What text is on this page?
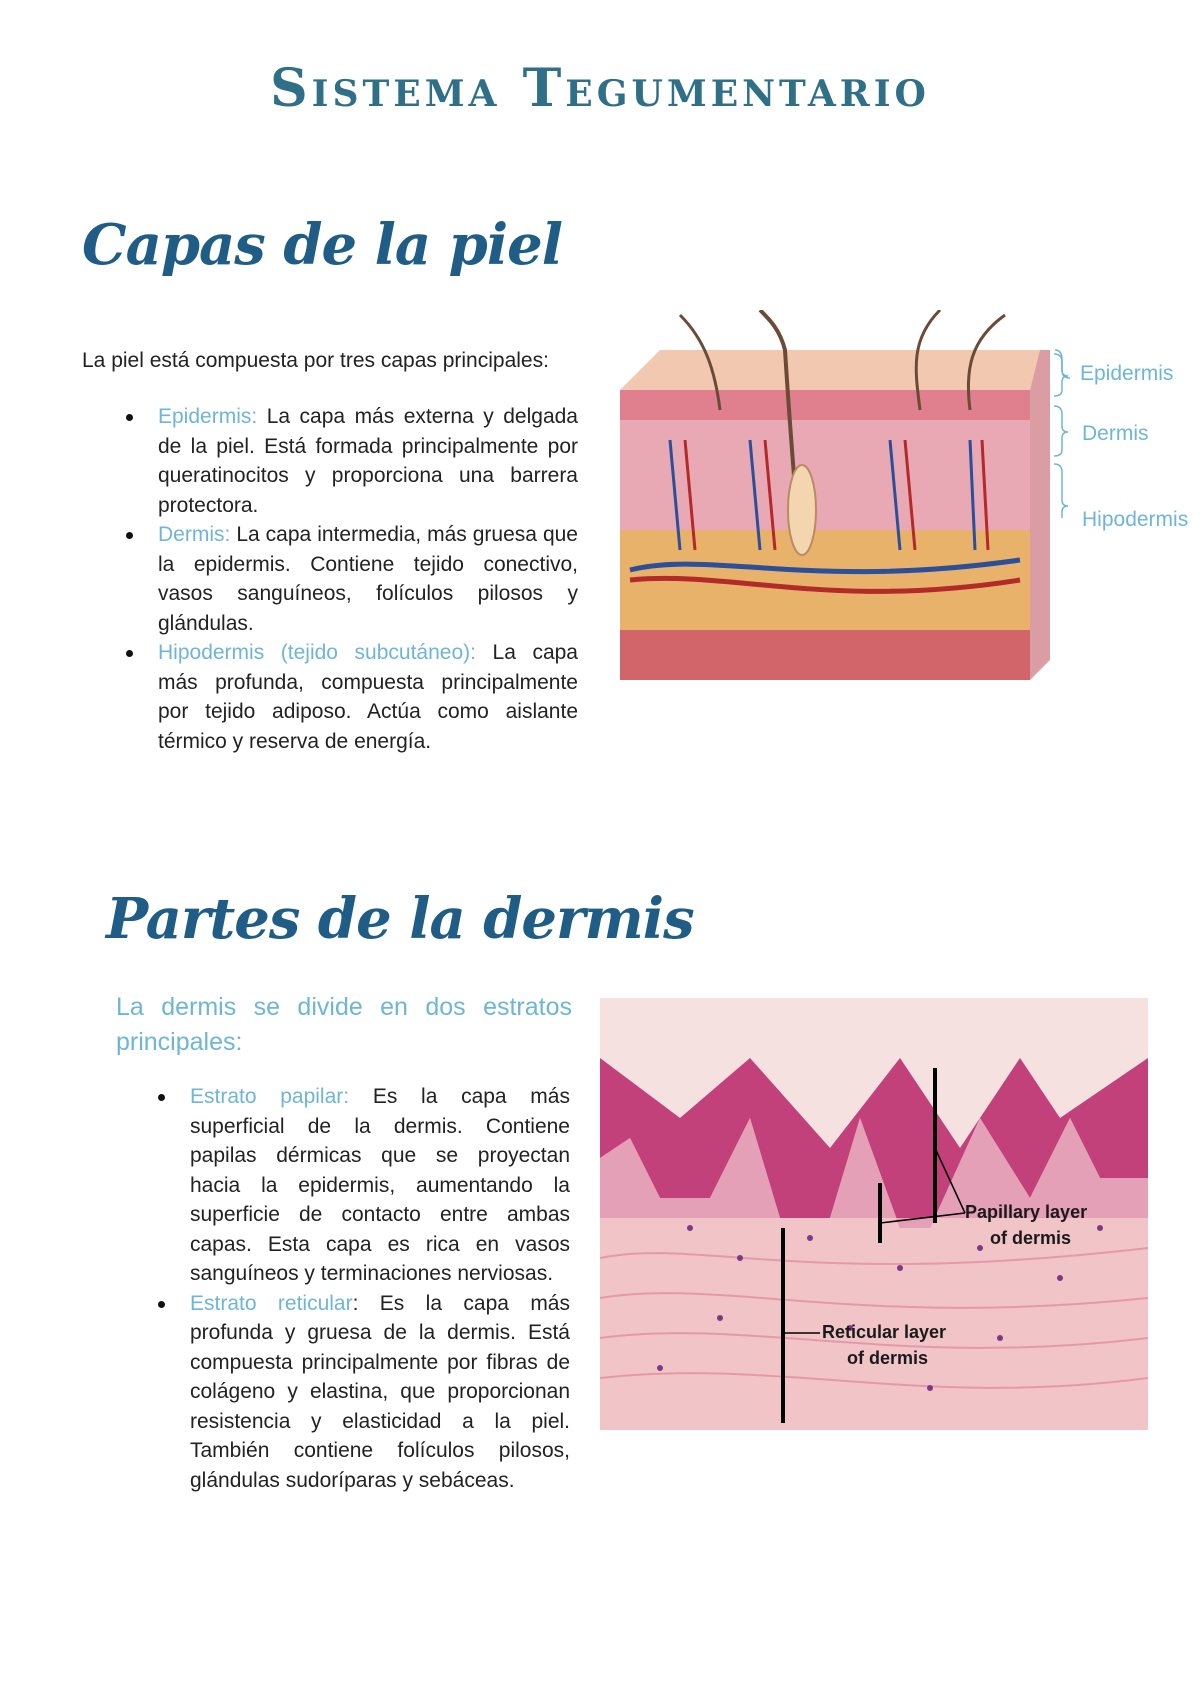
Sistema Tegumentario
Capas de la piel
La piel está compuesta por tres capas principales:
Epidermis: La capa más externa y delgada de la piel. Está formada principalmente por queratinocitos y proporciona una barrera protectora.
Dermis: La capa intermedia, más gruesa que la epidermis. Contiene tejido conectivo, vasos sanguíneos, folículos pilosos y glándulas.
Hipodermis (tejido subcutáneo): La capa más profunda, compuesta principalmente por tejido adiposo. Actúa como aislante térmico y reserva de energía.
Epidermis
Dermis
Hipodermis
Partes de la dermis
La dermis se divide en dos estratos principales:
Estrato papilar: Es la capa más superficial de la dermis. Contiene papilas dérmicas que se proyectan hacia la epidermis, aumentando la superficie de contacto entre ambas capas. Esta capa es rica en vasos sanguíneos y terminaciones nerviosas.
Estrato reticular: Es la capa más profunda y gruesa de la dermis. Está compuesta principalmente por fibras de colágeno y elastina, que proporcionan resistencia y elasticidad a la piel. También contiene folículos pilosos, glándulas sudoríparas y sebáceas.
Papillary layer
of dermis
Reticular layer
of dermis
